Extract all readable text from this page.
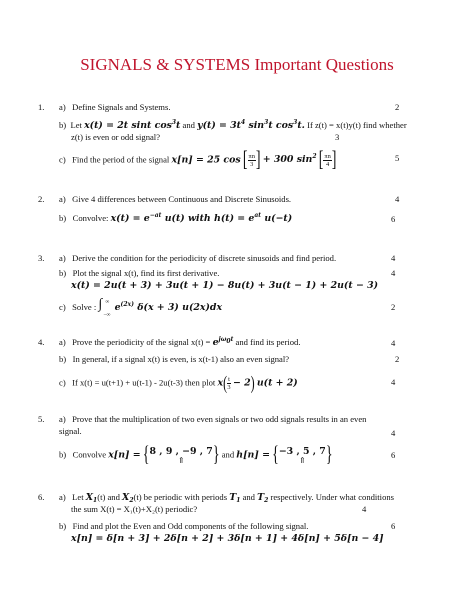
SIGNALS & SYSTEMS Important Questions
1. a) Define Signals and Systems.	2
b) Let x(t) = 2t sint $\cos^3t$ and $y(t) = 3t^4$ $\sin^3t$ $\cos^3t$. If z(t) = x(t)y(t) find whether
z(t) is even or odd signal?	3
c) Find the period of the signal x[n] = 25 cos [ $\frac{\pi n}{3}$ ] + 300 $\sin^2$ [ $\frac{\pi n}{4}$ ]	5
2. a) Give 4 differences between Continuous and Discrete Sinusoids.	4
b) Convolve: $x(t) = e^{-at}$ u(t) with $h(t) = e^{at}$ u(−t)	6
3. a) Derive the condition for the periodicity of discrete sinusoids and find period.	4
b) Plot the signal x(t), find its first derivative.	4
x(t) = 2u(t + 3) + 3u(t + 1) − 8u(t) + 3u(t − 1) + 2u(t − 3)
c) Solve : ∫ ∞
−∞
$e^{(2x)}$ δ(x + 3) u(2x)dx	2
4. a) Prove the periodicity of the signal $x(t) = e^{j\omega_0t}$ and find its period.	4
b) In general, if a signal x(t) is even, is x(t-1) also an even signal?	2
c) If x(t) = u(t+1) + u(t-1) - 2u(t-3) then plot $x( \frac{t}{3} - 2)$ u(t + 2)	4
5. a) Prove that the multiplication of two even signals or two odd signals results in an even
signal.	4
b) Convolve x[n] = { 8 , 9 , −9 , 7
⇑	} and h[n] = { −3 , 5 , 7
⇑	}	6
6. a) Let $X_1(t)$ and $X_2(t)$ be periodic with periods $T_1$ and $T_2$ respectively. Under what conditions
the sum X(t) = X₁(t)+X₂(t) periodic?	4
b) Find and plot the Even and Odd components of the following signal.	6
x[n] = δ[n + 3] + 2δ[n + 2] + 3δ[n + 1] + 4δ[n] + 5δ[n − 4]
